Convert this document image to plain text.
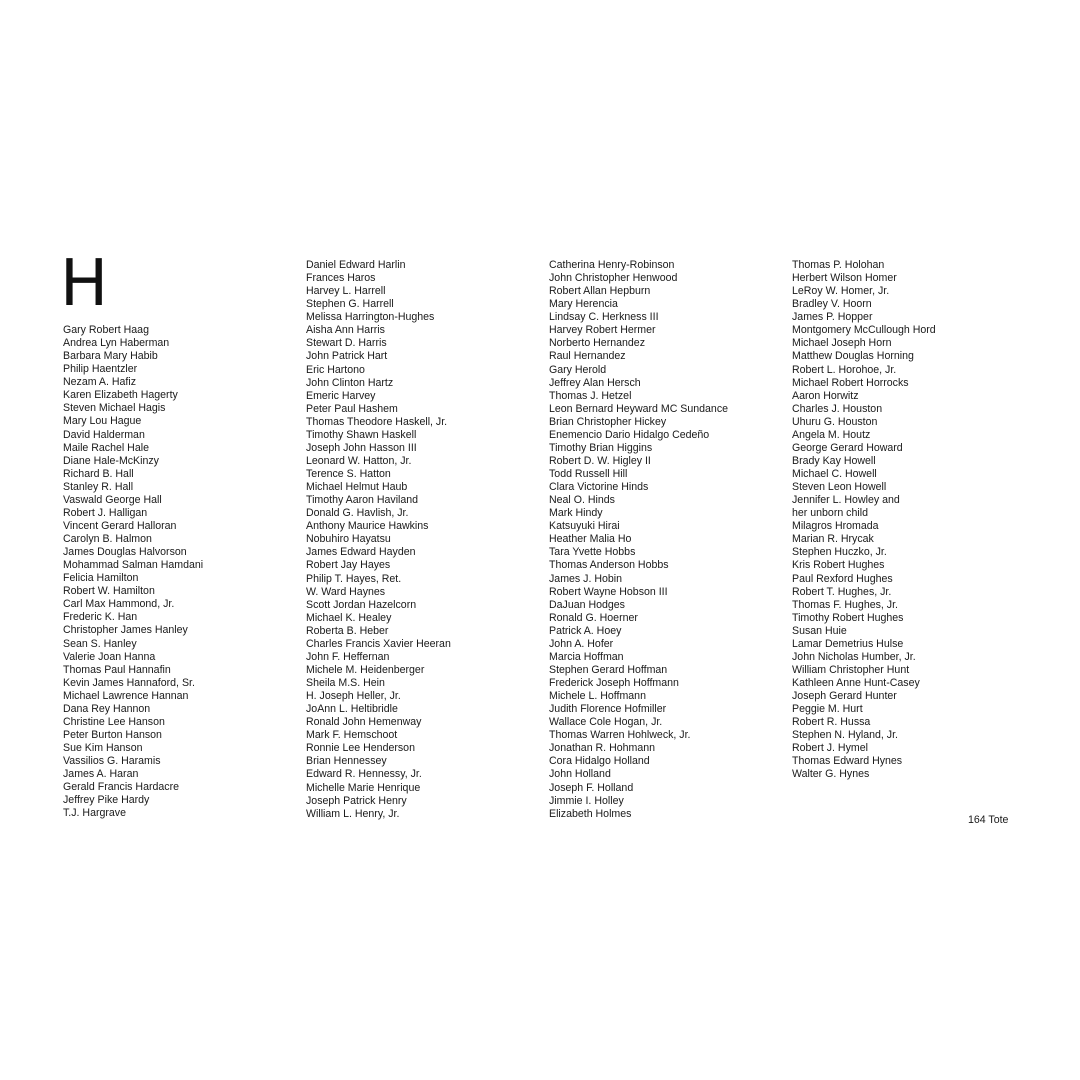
H
Gary Robert Haag
Andrea Lyn Haberman
Barbara Mary Habib
Philip Haentzler
Nezam A. Hafiz
Karen Elizabeth Hagerty
Steven Michael Hagis
Mary Lou Hague
David Halderman
Maile Rachel Hale
Diane Hale-McKinzy
Richard B. Hall
Stanley R. Hall
Vaswald George Hall
Robert J. Halligan
Vincent Gerard Halloran
Carolyn B. Halmon
James Douglas Halvorson
Mohammad Salman Hamdani
Felicia Hamilton
Robert W. Hamilton
Carl Max Hammond, Jr.
Frederic K. Han
Christopher James Hanley
Sean S. Hanley
Valerie Joan Hanna
Thomas Paul Hannafin
Kevin James Hannaford, Sr.
Michael Lawrence Hannan
Dana Rey Hannon
Christine Lee Hanson
Peter Burton Hanson
Sue Kim Hanson
Vassilios G. Haramis
James A. Haran
Gerald Francis Hardacre
Jeffrey Pike Hardy
T.J. Hargrave
Daniel Edward Harlin
Frances Haros
Harvey L. Harrell
Stephen G. Harrell
Melissa Harrington-Hughes
Aisha Ann Harris
Stewart D. Harris
John Patrick Hart
Eric Hartono
John Clinton Hartz
Emeric Harvey
Peter Paul Hashem
Thomas Theodore Haskell, Jr.
Timothy Shawn Haskell
Joseph John Hasson III
Leonard W. Hatton, Jr.
Terence S. Hatton
Michael Helmut Haub
Timothy Aaron Haviland
Donald G. Havlish, Jr.
Anthony Maurice Hawkins
Nobuhiro Hayatsu
James Edward Hayden
Robert Jay Hayes
Philip T. Hayes, Ret.
W. Ward Haynes
Scott Jordan Hazelcorn
Michael K. Healey
Roberta B. Heber
Charles Francis Xavier Heeran
John F. Heffernan
Michele M. Heidenberger
Sheila M.S. Hein
H. Joseph Heller, Jr.
JoAnn L. Heltibridle
Ronald John Hemenway
Mark F. Hemschoot
Ronnie Lee Henderson
Brian Hennessey
Edward R. Hennessy, Jr.
Michelle Marie Henrique
Joseph Patrick Henry
William L. Henry, Jr.
Catherina Henry-Robinson
John Christopher Henwood
Robert Allan Hepburn
Mary Herencia
Lindsay C. Herkness III
Harvey Robert Hermer
Norberto Hernandez
Raul Hernandez
Gary Herold
Jeffrey Alan Hersch
Thomas J. Hetzel
Leon Bernard Heyward MC Sundance
Brian Christopher Hickey
Enemencio Dario Hidalgo Cedeño
Timothy Brian Higgins
Robert D. W. Higley II
Todd Russell Hill
Clara Victorine Hinds
Neal O. Hinds
Mark Hindy
Katsuyuki Hirai
Heather Malia Ho
Tara Yvette Hobbs
Thomas Anderson Hobbs
James J. Hobin
Robert Wayne Hobson III
DaJuan Hodges
Ronald G. Hoerner
Patrick A. Hoey
John A. Hofer
Marcia Hoffman
Stephen Gerard Hoffman
Frederick Joseph Hoffmann
Michele L. Hoffmann
Judith Florence Hofmiller
Wallace Cole Hogan, Jr.
Thomas Warren Hohlweck, Jr.
Jonathan R. Hohmann
Cora Hidalgo Holland
John Holland
Joseph F. Holland
Jimmie I. Holley
Elizabeth Holmes
Thomas P. Holohan
Herbert Wilson Homer
LeRoy W. Homer, Jr.
Bradley V. Hoorn
James P. Hopper
Montgomery McCullough Hord
Michael Joseph Horn
Matthew Douglas Horning
Robert L. Horohoe, Jr.
Michael Robert Horrocks
Aaron Horwitz
Charles J. Houston
Uhuru G. Houston
Angela M. Houtz
George Gerard Howard
Brady Kay Howell
Michael C. Howell
Steven Leon Howell
Jennifer L. Howley and
her unborn child
Milagros Hromada
Marian R. Hrycak
Stephen Huczko, Jr.
Kris Robert Hughes
Paul Rexford Hughes
Robert T. Hughes, Jr.
Thomas F. Hughes, Jr.
Timothy Robert Hughes
Susan Huie
Lamar Demetrius Hulse
John Nicholas Humber, Jr.
William Christopher Hunt
Kathleen Anne Hunt-Casey
Joseph Gerard Hunter
Peggie M. Hurt
Robert R. Hussa
Stephen N. Hyland, Jr.
Robert J. Hymel
Thomas Edward Hynes
Walter G. Hynes
164 Tote
